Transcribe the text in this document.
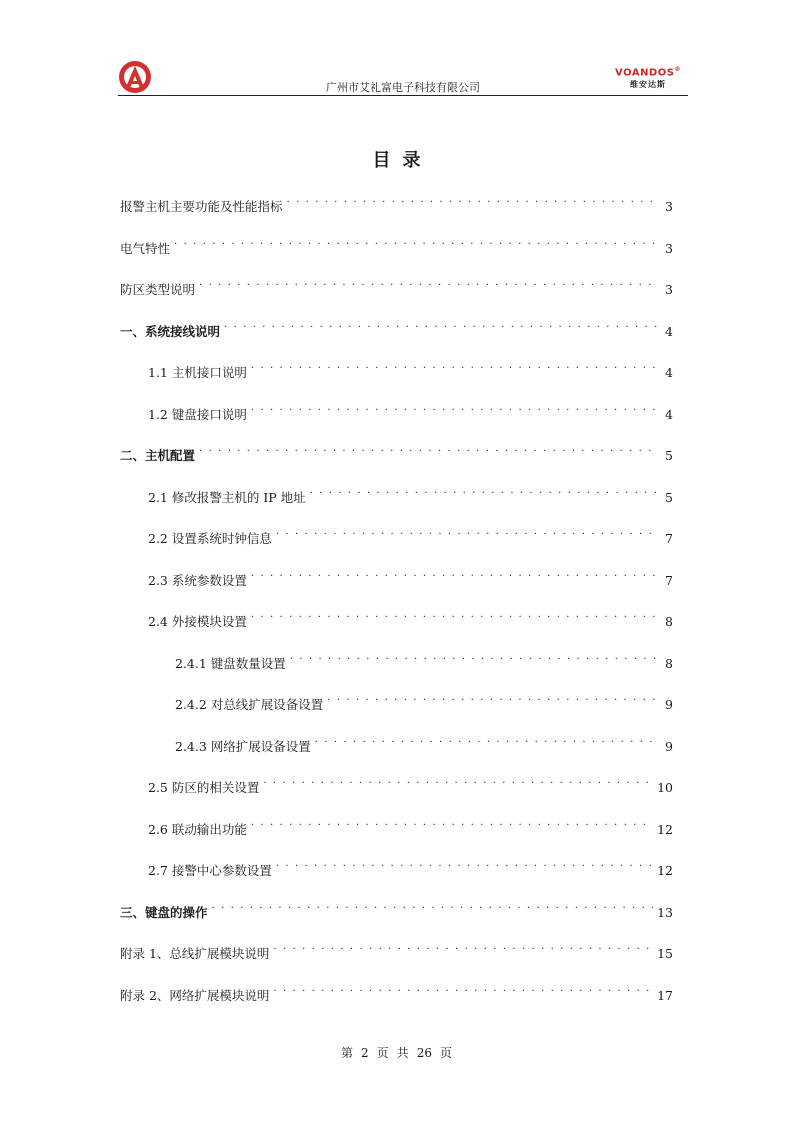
广州市艾礼富电子科技有限公司
VOANDOS®
维安达斯
目录
报警主机主要功能及性能指标 . . .	3
电气特性 . . .	3
防区类型说明 . . .	3
一、系统接线说明 . . .	4
1.1 主机接口说明 . . .	4
1.2 键盘接口说明 . . .	4
二、主机配置 . . .	5
2.1 修改报警主机的 IP 地址 . . .	5
2.2 设置系统时钟信息 . . .	7
2.3 系统参数设置 . . .	7
2.4 外接模块设置 . . .	8
2.4.1 键盘数量设置 . . .	8
2.4.2 对总线扩展设备设置 . . .	9
2.4.3 网络扩展设备设置 . . .	9
2.5 防区的相关设置 . . .	10
2.6 联动输出功能 . . .	12
2.7 接警中心参数设置 . . .	12
三、键盘的操作 . . .	13
附录 1、总线扩展模块说明 . . .	15
附录 2、网络扩展模块说明 . . .	17
第 2 页 共 26 页
